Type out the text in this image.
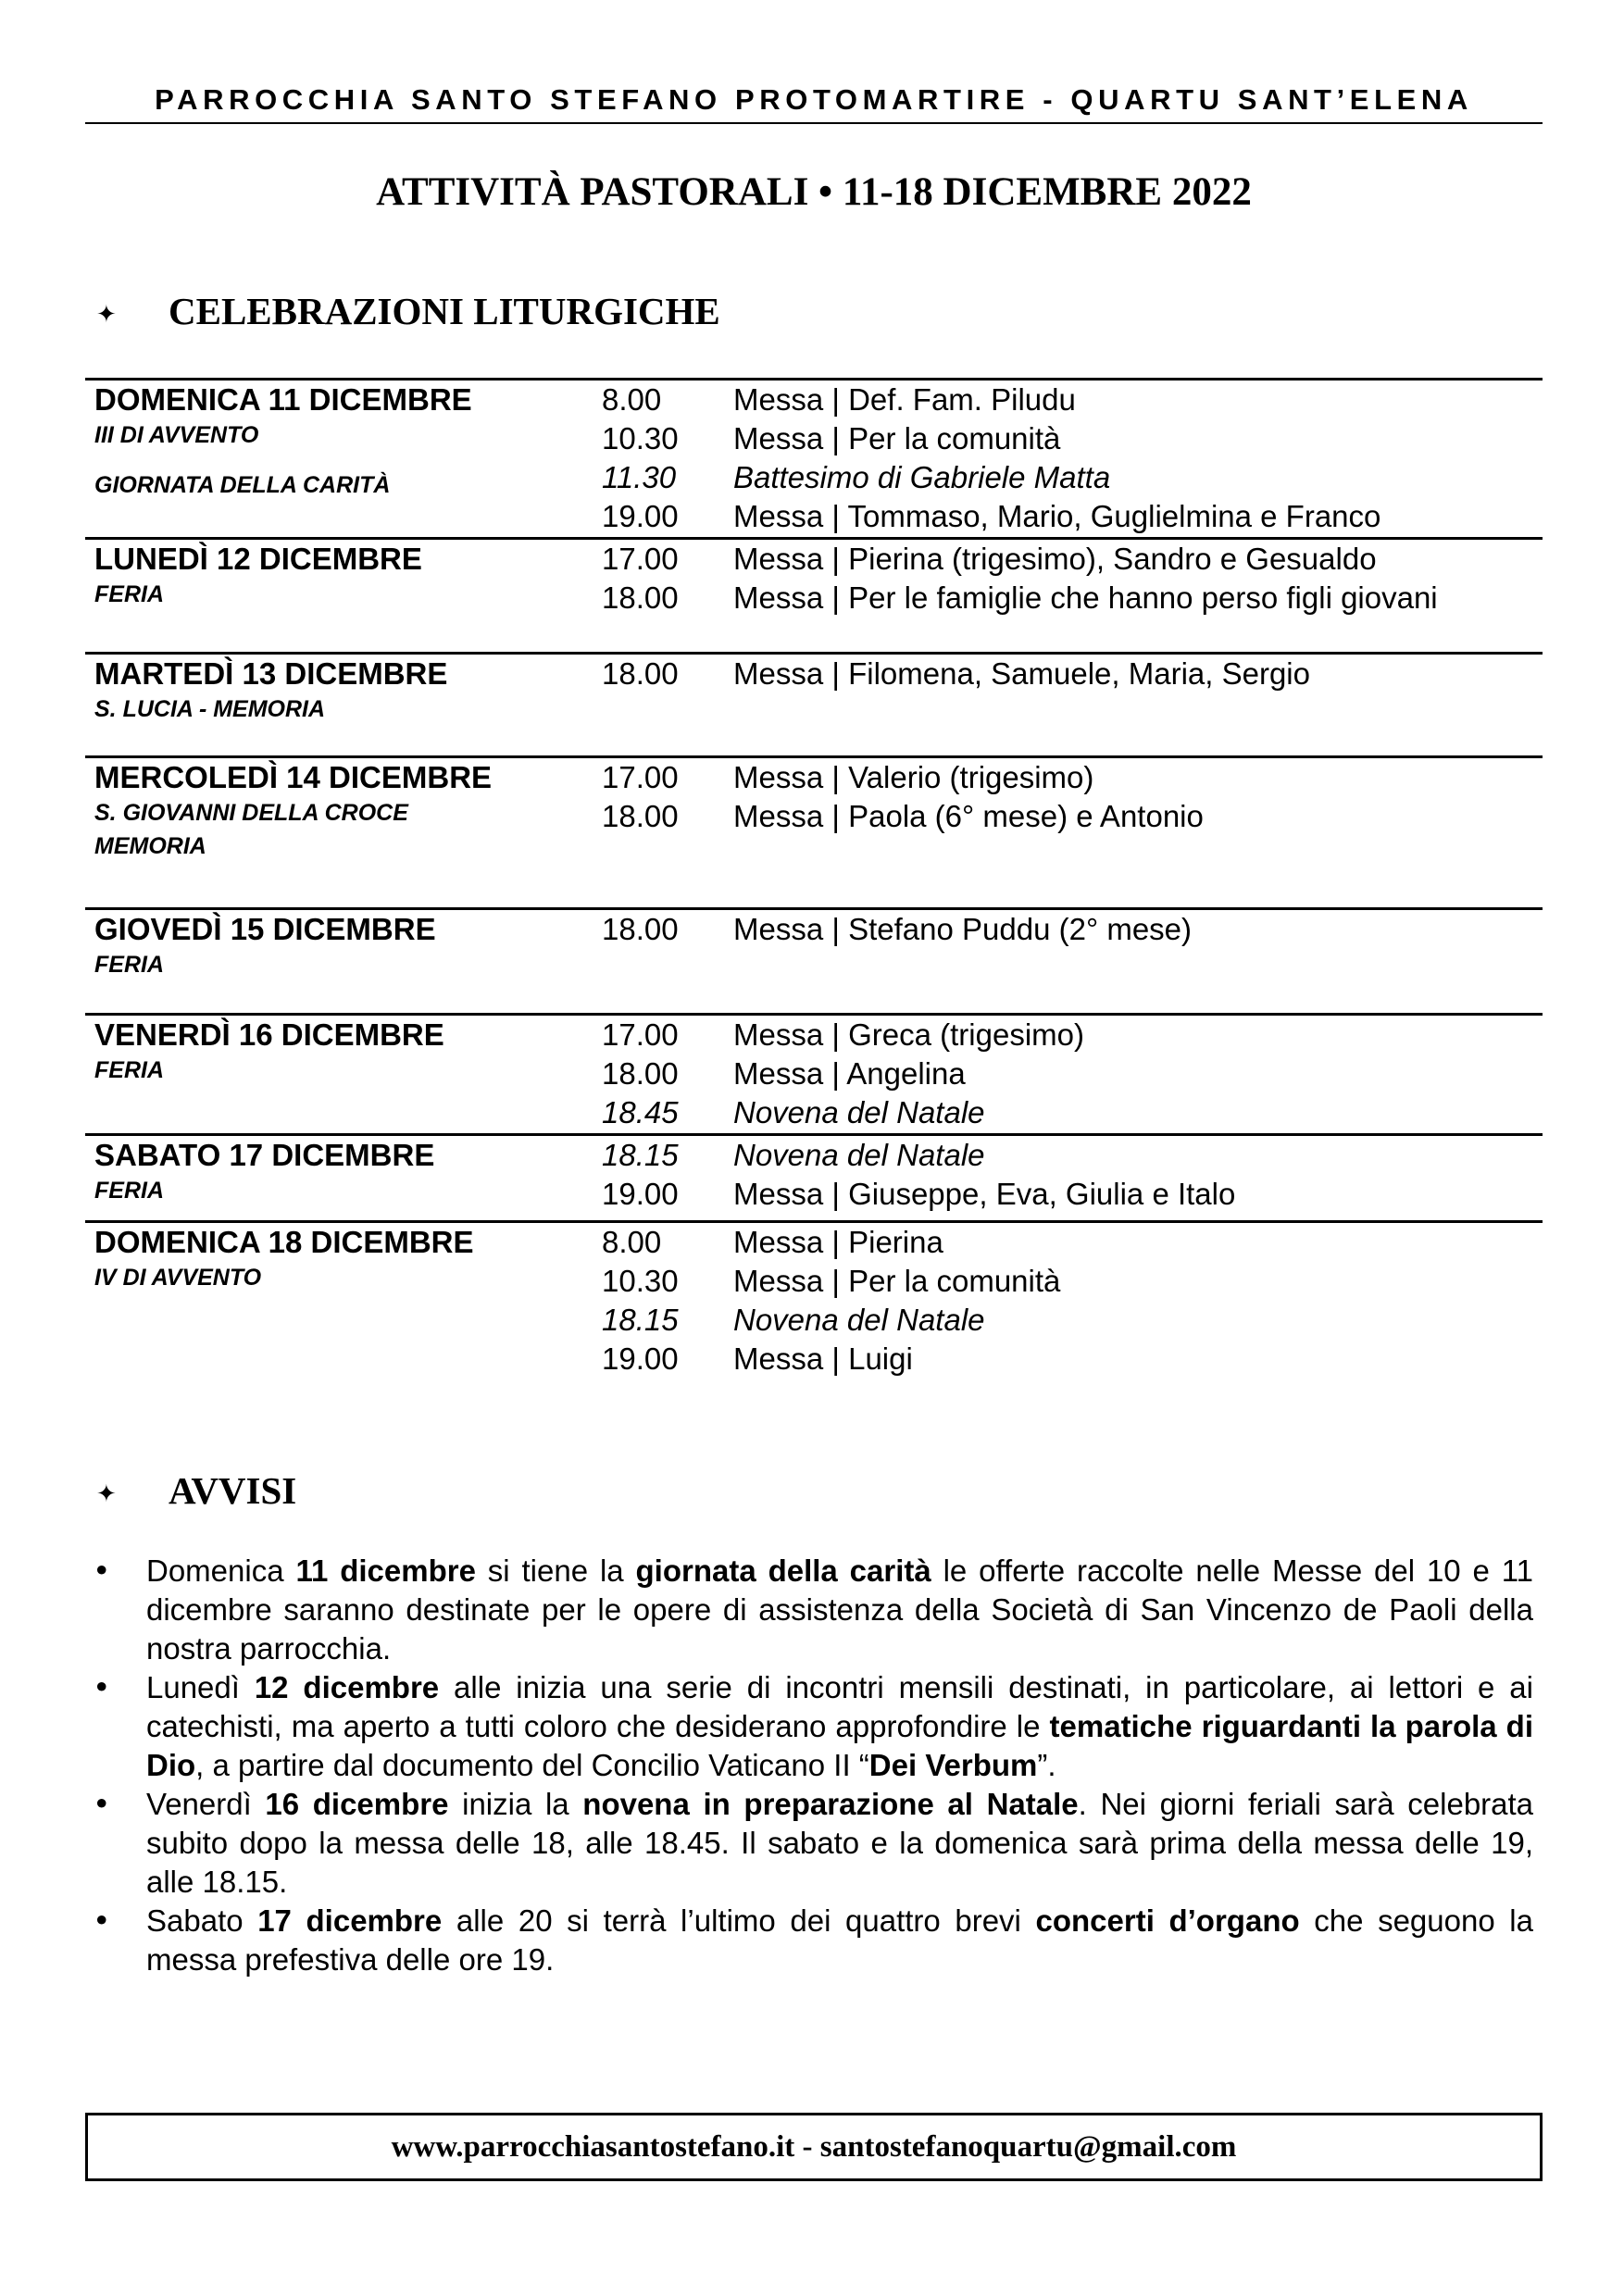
PARROCCHIA SANTO STEFANO PROTOMARTIRE - QUARTU SANT’ELENA
ATTIVITÀ PASTORALI • 11-18 DICEMBRE 2022
✦ CELEBRAZIONI LITURGICHE
DOMENICA 11 DICEMBRE
III DI AVVENTO
GIORNATA DELLA CARITÀ
8.00 Messa | Def. Fam. Piludu
10.30 Messa | Per la comunità
11.30 Battesimo di Gabriele Matta
19.00 Messa | Tommaso, Mario, Guglielmina e Franco
LUNEDÌ 12 DICEMBRE
FERIA
17.00 Messa | Pierina (trigesimo), Sandro e Gesualdo
18.00 Messa | Per le famiglie che hanno perso figli giovani
MARTEDÌ 13 DICEMBRE
S. LUCIA - MEMORIA
18.00 Messa | Filomena, Samuele, Maria, Sergio
MERCOLEDÌ 14 DICEMBRE
S. GIOVANNI DELLA CROCE
MEMORIA
17.00 Messa | Valerio (trigesimo)
18.00 Messa | Paola (6° mese) e Antonio
GIOVEDÌ 15 DICEMBRE
FERIA
18.00 Messa | Stefano Puddu (2° mese)
VENERDÌ 16 DICEMBRE
FERIA
17.00 Messa | Greca (trigesimo)
18.00 Messa | Angelina
18.45 Novena del Natale
SABATO 17 DICEMBRE
FERIA
18.15 Novena del Natale
19.00 Messa | Giuseppe, Eva, Giulia e Italo
DOMENICA 18 DICEMBRE
IV DI AVVENTO
8.00 Messa | Pierina
10.30 Messa | Per la comunità
18.15 Novena del Natale
19.00 Messa | Luigi
✦ AVVISI

• Domenica 11 dicembre si tiene la giornata della carità le offerte raccolte nelle Messe del 10 e 11 dicembre saranno destinate per le opere di assistenza della Società di San Vincenzo de Paoli della nostra parrocchia.

• Lunedì 12 dicembre alle inizia una serie di incontri mensili destinati, in particolare, ai lettori e ai catechisti, ma aperto a tutti coloro che desiderano approfondire le tematiche riguardanti la parola di Dio, a partire dal documento del Concilio Vaticano II “Dei Verbum”.

• Venerdì 16 dicembre inizia la novena in preparazione al Natale. Nei giorni feriali sarà celebrata subito dopo la messa delle 18, alle 18.45. Il sabato e la domenica sarà prima della messa delle 19, alle 18.15.

• Sabato 17 dicembre alle 20 si terrà l’ultimo dei quattro brevi concerti d’organo che seguono la messa prefestiva delle ore 19.

www.parrocchiasantostefano.it - santostefanoquartu@gmail.com
